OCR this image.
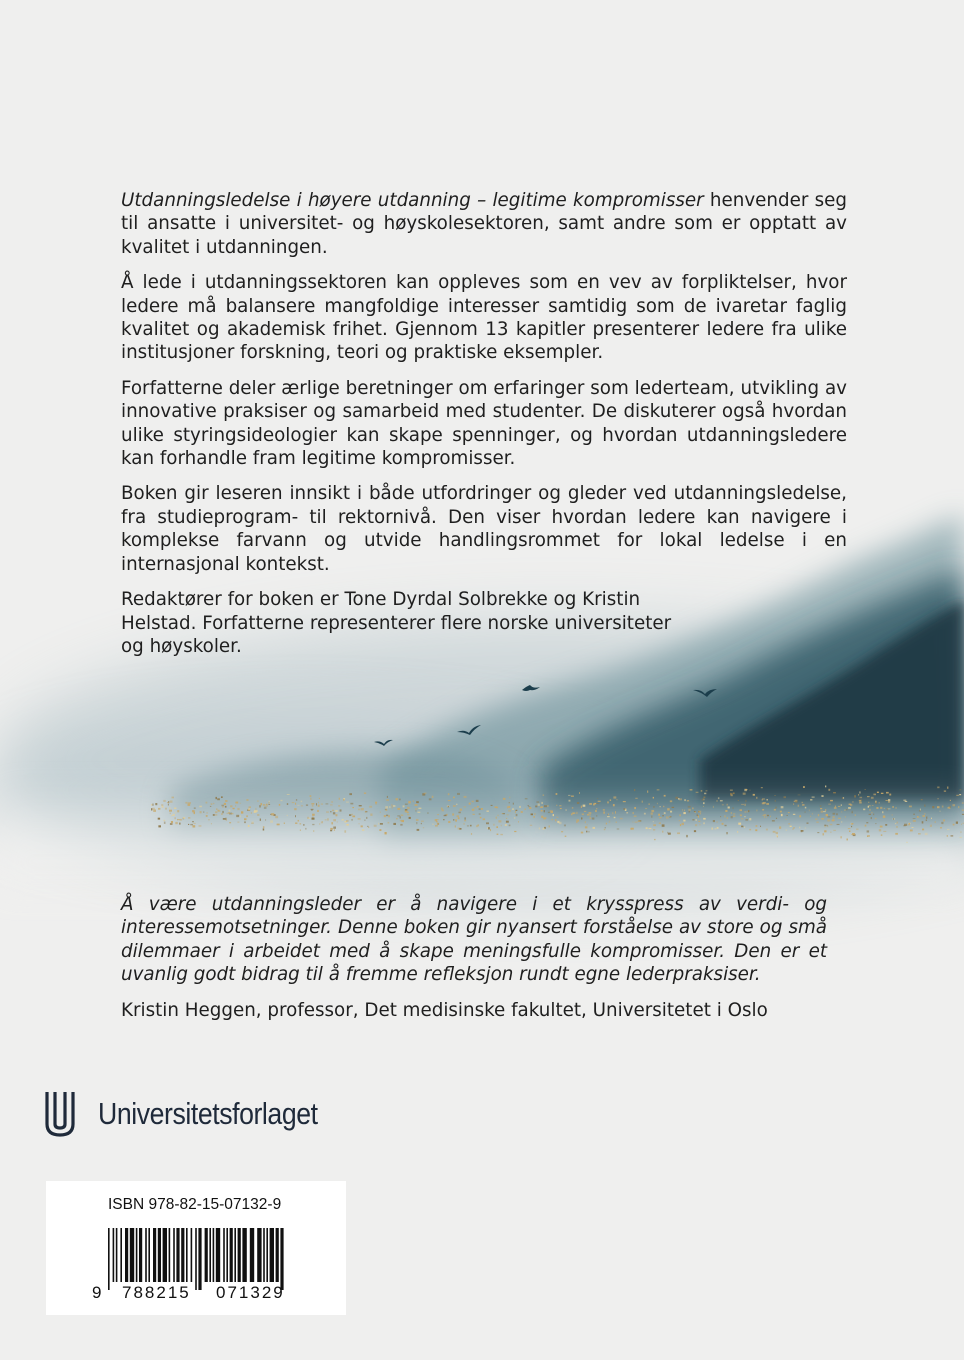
Utdanningsledelse i høyere utdanning – legitime kompromisser henvender seg til ansatte i universitet- og høyskolesektoren, samt andre som er opptatt av kvalitet i utdanningen.

Å lede i utdanningssektoren kan oppleves som en vev av forpliktelser, hvor ledere må balansere mangfoldige interesser samtidig som de ivaretar faglig kvalitet og akademisk frihet. Gjennom 13 kapitler presenterer ledere fra ulike institusjoner forskning, teori og praktiske eksempler.

Forfatterne deler ærlige beretninger om erfaringer som lederteam, utvikling av innovative praksiser og samarbeid med studenter. De diskuterer også hvordan ulike styringsideologier kan skape spenninger, og hvordan utdanningsledere kan forhandle fram legitime kompromisser.

Boken gir leseren innsikt i både utfordringer og gleder ved utdanningsledelse, fra studieprogram- til rektornivå. Den viser hvordan ledere kan navigere i komplekse farvann og utvide handlingsrommet for lokal ledelse i en internasjonal kontekst.

Redaktører for boken er Tone Dyrdal Solbrekke og Kristin Helstad. Forfatterne representerer flere norske universiteter og høyskoler.

Å være utdanningsleder er å navigere i et krysspress av verdi- og interessemotsetninger. Denne boken gir nyansert forståelse av store og små dilemmaer i arbeidet med å skape meningsfulle kompromisser. Den er et uvanlig godt bidrag til å fremme refleksjon rundt egne lederpraksiser.

Kristin Heggen, professor, Det medisinske fakultet, Universitetet i Oslo

Universitetsforlaget
ISBN 978-82-15-07132-9
9 788215 071329
